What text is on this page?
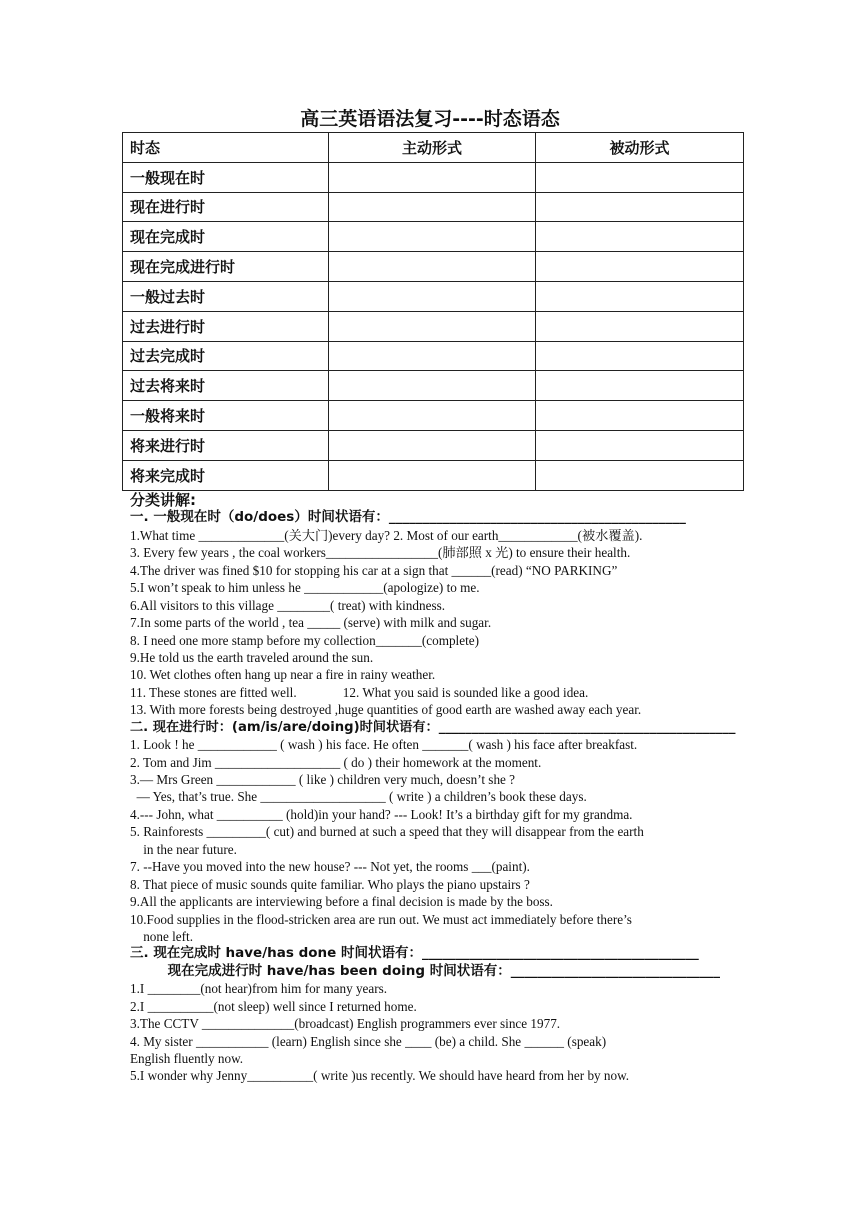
高三英语语法复习----时态语态
时态	主动形式	被动形式
一般现在时		
现在进行时		
现在完成时		
现在完成进行时		
一般过去时		
过去进行时		
过去完成时		
过去将来时		
一般将来时		
将来进行时		
将来完成时		
分类讲解:
一. 一般现在时（do/does）时间状语有：____________________________________________
1.What time _____________(关大门)every day? 2. Most of our earth____________(被水覆盖).
3. Every few years , the coal workers_________________(肺部照 x 光) to ensure their health.
4.The driver was fined $10 for stopping his car at a sign that ______(read) “NO PARKING”
5.I won’t speak to him unless he ____________(apologize) to me.
6.All visitors to this village ________( treat) with kindness.
7.In some parts of the world , tea _____ (serve) with milk and sugar.
8. I need one more stamp before my collection_______(complete)
9.He told us the earth traveled around the sun.
10. Wet clothes often hang up near a fire in rainy weather.
11. These stones are fitted well.              12. What you said is sounded like a good idea.
13. With more forests being destroyed ,huge quantities of good earth are washed away each year.
二. 现在进行时：(am/is/are/doing)时间状语有：_____________________________________________
1. Look ! he ____________ ( wash ) his face. He often _______( wash ) his face after breakfast.
2. Tom and Jim ___________________ ( do ) their homework at the moment.
3.— Mrs Green ____________ ( like ) children very much, doesn’t she ?
— Yes, that’s true. She ___________________ ( write ) a children’s book these days.
4.--- John, what __________ (hold)in your hand? --- Look! It’s a birthday gift for my grandma.
5. Rainforests _________( cut) and burned at such a speed that they will disappear from the earth
in the near future.
7. --Have you moved into the new house? --- Not yet, the rooms ___(paint).
8. That piece of music sounds quite familiar. Who plays the piano upstairs ?
9.All the applicants are interviewing before a final decision is made by the boss.
10.Food supplies in the flood-stricken area are run out. We must act immediately before there’s
none left.
三. 现在完成时 have/has done 时间状语有：_________________________________________
现在完成进行时 have/has been doing 时间状语有：_______________________________
1.I ________(not hear)from him for many years.
2.I __________(not sleep) well since I returned home.
3.The CCTV ______________(broadcast) English programmers ever since 1977.
4. My sister ___________ (learn) English since she ____ (be) a child. She ______ (speak)
English fluently now.
5.I wonder why Jenny__________( write )us recently. We should have heard from her by now.
